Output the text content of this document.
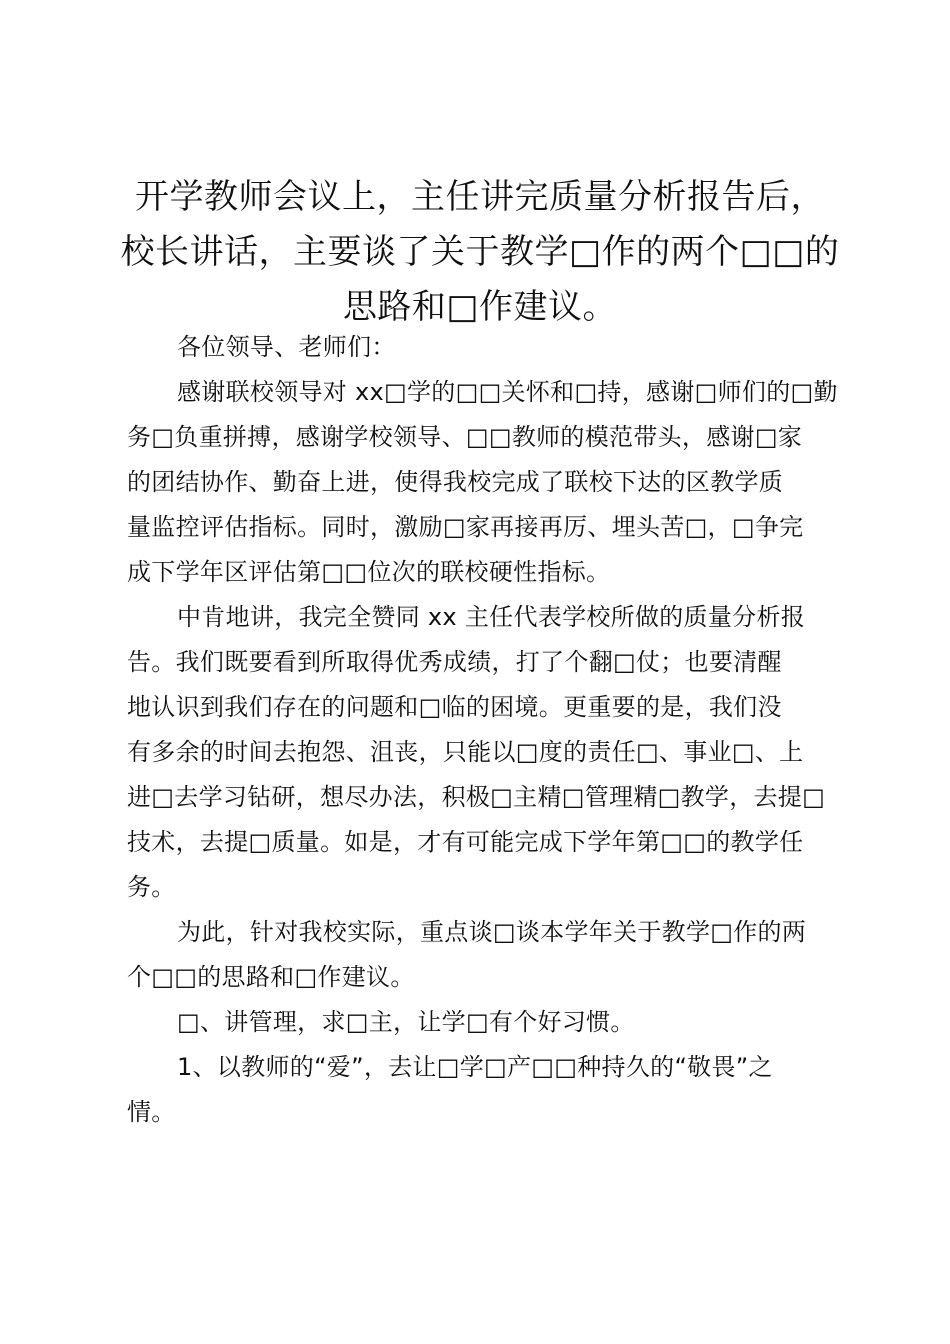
开学教师会议上，主任讲完质量分析报告后，
校长讲话，主要谈了关于教学□作的两个□□的
思路和□作建议。

各位领导、老师们：

感谢联校领导对 xx□学的□□关怀和□持，感谢□师们的□勤
务□负重拼搏，感谢学校领导、□□教师的模范带头，感谢□家
的团结协作、勤奋上进，使得我校完成了联校下达的区教学质
量监控评估指标。同时，激励□家再接再厉、埋头苦□，□争完
成下学年区评估第□□位次的联校硬性指标。

中肯地讲，我完全赞同 xx 主任代表学校所做的质量分析报
告。我们既要看到所取得优秀成绩，打了个翻□仗；也要清醒
地认识到我们存在的问题和□临的困境。更重要的是，我们没
有多余的时间去抱怨、沮丧，只能以□度的责任□、事业□、上
进□去学习钻研，想尽办法，积极□主精□管理精□教学，去提□
技术，去提□质量。如是，才有可能完成下学年第□□的教学任
务。

为此，针对我校实际，重点谈□谈本学年关于教学□作的两
个□□的思路和□作建议。

□、讲管理，求□主，让学□有个好习惯。

1、以教师的“爱”，去让□学□产□□种持久的“敬畏”之
情。
